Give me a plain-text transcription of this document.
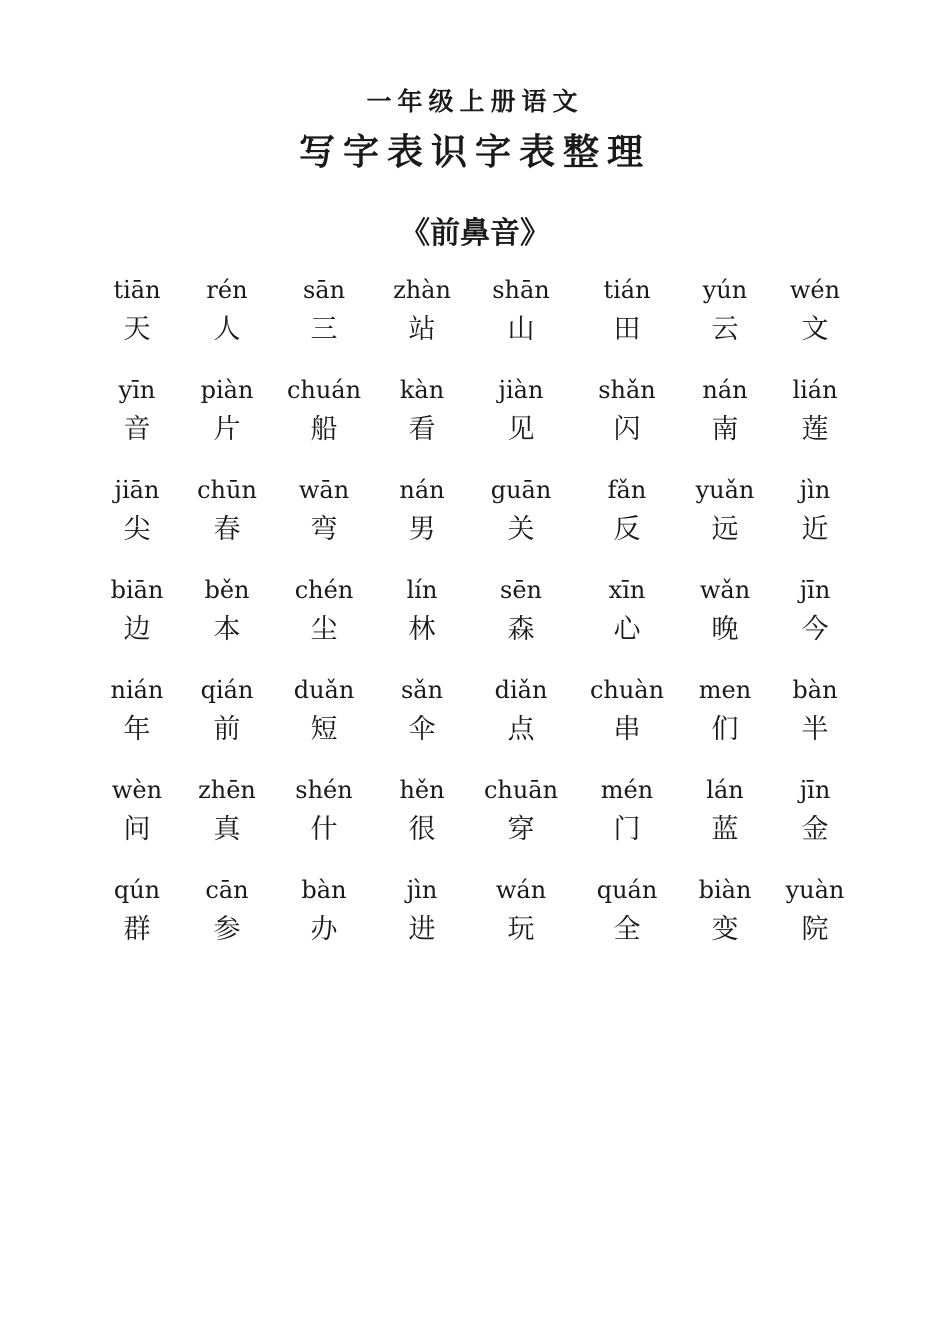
一年级上册语文
写字表识字表整理
《前鼻音》
tiān
天
rén
人
sān
三
zhàn
站
shān
山
tián
田
yún
云
wén
文
yīn
音
piàn
片
chuán
船
kàn
看
jiàn
见
shǎn
闪
nán
南
lián
莲
jiān
尖
chūn
春
wān
弯
nán
男
guān
关
fǎn
反
yuǎn
远
jìn
近
biān
边
běn
本
chén
尘
lín
林
sēn
森
xīn
心
wǎn
晚
jīn
今
nián
年
qián
前
duǎn
短
sǎn
伞
diǎn
点
chuàn
串
men
们
bàn
半
wèn
问
zhēn
真
shén
什
hěn
很
chuān
穿
mén
门
lán
蓝
jīn
金
qún
群
cān
参
bàn
办
jìn
进
wán
玩
quán
全
biàn
变
yuàn
院
